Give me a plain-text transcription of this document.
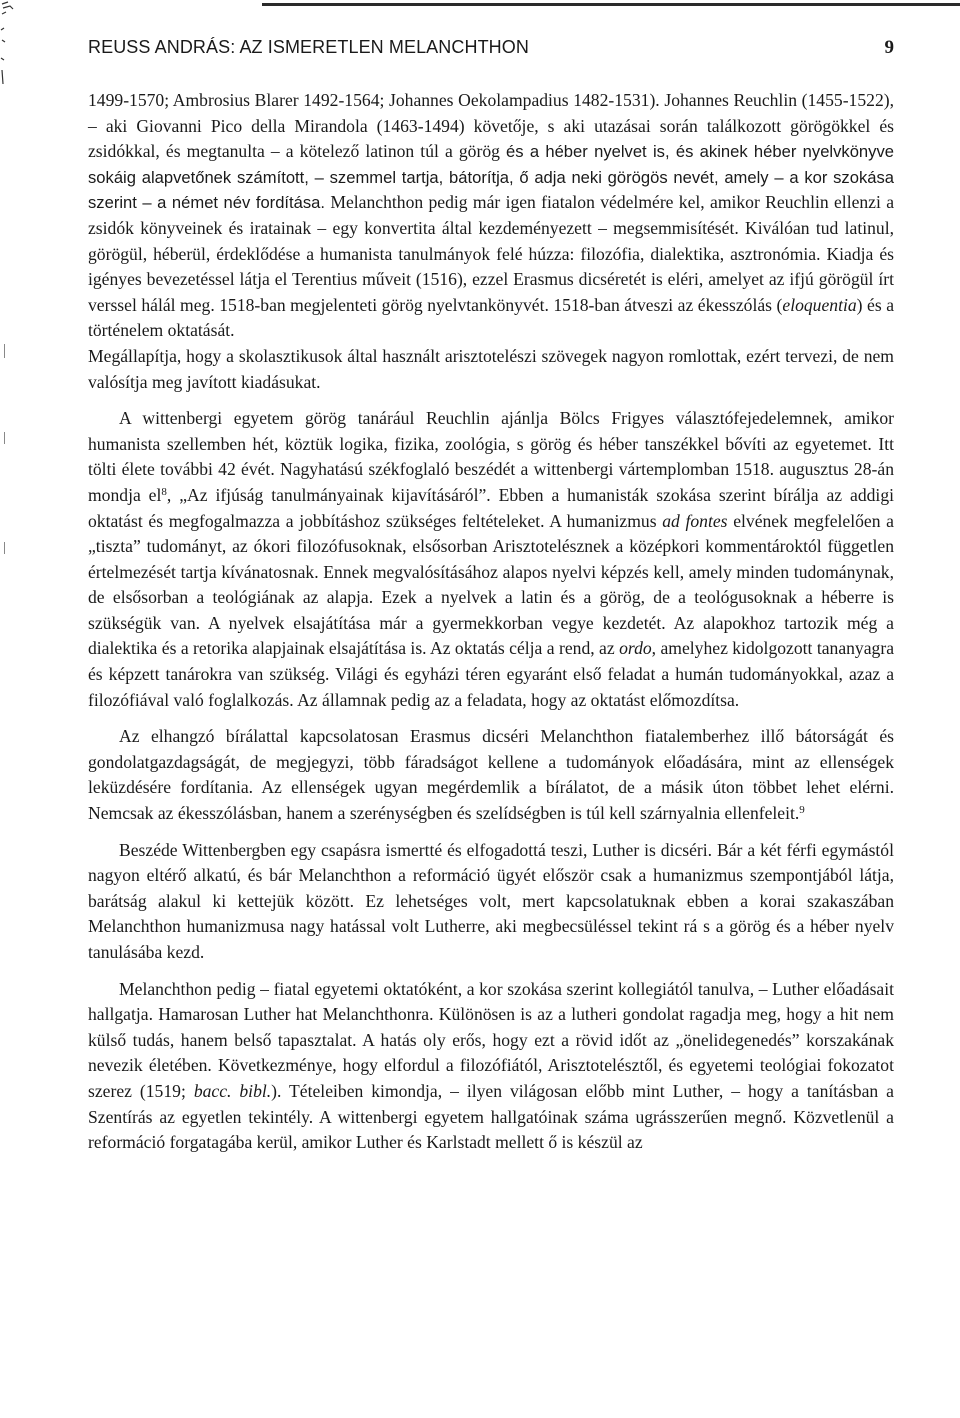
REUSS ANDRÁS: AZ ISMERETLEN MELANCHTHON	9

1499-1570; Ambrosius Blarer 1492-1564; Johannes Oekolampadius 1482-1531). Johannes Reuchlin (1455-1522), – aki Giovanni Pico della Mirandola (1463-1494) követője, s aki utazásai során találkozott görögökkel és zsidókkal, és megtanulta – a kötelező latinon túl a görög és a héber nyelvet is, és akinek héber nyelvkönyve sokáig alapvetőnek számított, – szemmel tartja, bátorítja, ő adja neki görögös nevét, amely – a kor szokása szerint – a német név fordítása. Melanchthon pedig már igen fiatalon védelmére kel, amikor Reuchlin ellenzi a zsidók könyveinek és iratainak – egy konvertita által kezdeményezett – megsemmisítését. Kiválóan tud latinul, görögül, héberül, érdeklődése a humanista tanulmányok felé húzza: filozófia, dialektika, asztronómia. Kiadja és igényes bevezetéssel látja el Terentius műveit (1516), ezzel Erasmus dicséretét is eléri, amelyet az ifjú görögül írt verssel hálál meg. 1518-ban megjelenteti görög nyelvtankönyvét. 1518-ban átveszi az ékesszólás (eloquentia) és a történelem oktatását.

Megállapítja, hogy a skolasztikusok által használt arisztotelészi szövegek nagyon romlottak, ezért tervezi, de nem valósítja meg javított kiadásukat.

A wittenbergi egyetem görög tanárául Reuchlin ajánlja Bölcs Frigyes választófejedelemnek, amikor humanista szellemben hét, köztük logika, fizika, zoológia, s görög és héber tanszékkel bővíti az egyetemet. Itt tölti élete további 42 évét. Nagyhatású székfoglaló beszédét a wittenbergi vártemplomban 1518. augusztus 28-án mondja $el^8$, „Az ifjúság tanulmányainak kijavításáról”. Ebben a humanisták szokása szerint bírálja az addigi oktatást és megfogalmazza a jobbításhoz szükséges feltételeket. A humanizmus ad fontes elvének megfelelően a „tiszta” tudományt, az ókori filozófusoknak, elsősorban Arisztotelésznek a középkori kommentároktól független értelmezését tartja kívánatosnak. Ennek megvalósításához alapos nyelvi képzés kell, amely minden tudománynak, de elsősorban a teológiának az alapja. Ezek a nyelvek a latin és a görög, de a teológusoknak a héberre is szükségük van. A nyelvek elsajátítása már a gyermekkorban vegye kezdetét. Az alapokhoz tartozik még a dialektika és a retorika alapjainak elsajátítása is. Az oktatás célja a rend, az ordo, amelyhez kidolgozott tananyagra és képzett tanárokra van szükség. Világi és egyházi téren egyaránt első feladat a humán tudományokkal, azaz a filozófiával való foglalkozás. Az államnak pedig az a feladata, hogy az oktatást előmozdítsa.

Az elhangzó bírálattal kapcsolatosan Erasmus dicséri Melanchthon fiatalemberhez illő bátorságát és gondolatgazdagságát, de megjegyzi, több fáradságot kellene a tudományok előadására, mint az ellenségek leküzdésére fordítania. Az ellenségek ugyan megérdemlik a bírálatot, de a másik úton többet lehet elérni. Nemcsak az ékesszólásban, hanem a szerénységben és szelídségben is túl kell szárnyalnia ellenfeleit.$^9$

Beszéde Wittenbergben egy csapásra ismertté és elfogadottá teszi, Luther is dicséri. Bár a két férfi egymástól nagyon eltérő alkatú, és bár Melanchthon a reformáció ügyét először csak a humanizmus szempontjából látja, barátság alakul ki kettejük között. Ez lehetséges volt, mert kapcsolatuknak ebben a korai szakaszában Melanchthon humanizmusa nagy hatással volt Lutherre, aki megbecsüléssel tekint rá s a görög és a héber nyelv tanulásába kezd.

Melanchthon pedig – fiatal egyetemi oktatóként, a kor szokása szerint kollegiától tanulva, – Luther előadásait hallgatja. Hamarosan Luther hat Melanchthonra. Különösen is az a lutheri gondolat ragadja meg, hogy a hit nem külső tudás, hanem belső tapasztalat. A hatás oly erős, hogy ezt a rövid időt az „önelidegenedés” korszakának nevezik életében. Következménye, hogy elfordul a filozófiától, Arisztotelésztől, és egyetemi teológiai fokozatot szerez (1519; bacc. bibl.). Tételeiben kimondja, – ilyen világosan előbb mint Luther, – hogy a tanításban a Szentírás az egyetlen tekintély. A wittenbergi egyetem hallgatóinak száma ugrásszerűen megnő. Közvetlenül a reformáció forgatagába kerül, amikor Luther és Karlstadt mellett ő is készül az
